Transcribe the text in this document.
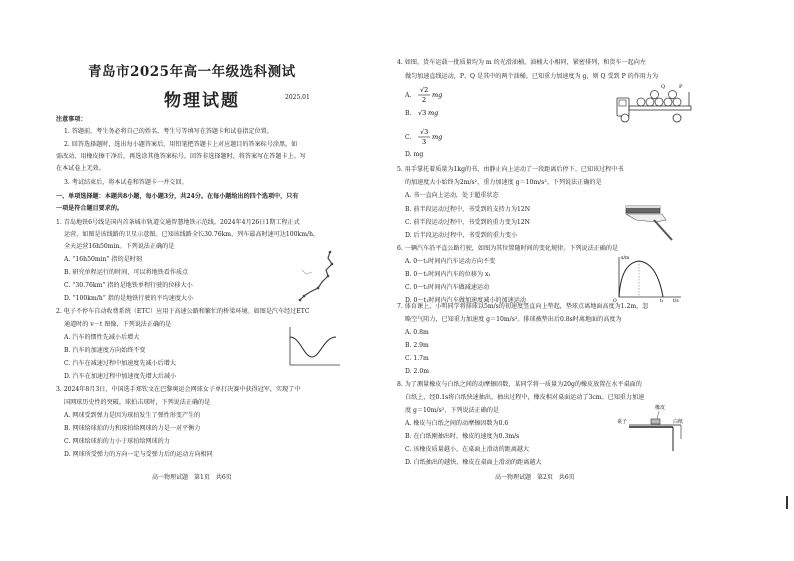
青岛市2025年高一年级选科测试
物理试题	2025.01
注意事项：
1. 答题前，考生务必将自己的姓名、考生号等填写在答题卡和试卷指定位置。
2. 回答选择题时，选出每小题答案后，用铅笔把答题卡上对应题目的答案标号涂黑。如
需改动，用橡皮擦干净后，再选涂其他答案标号。回答非选择题时，将答案写在答题卡上。写
在本试卷上无效。
3. 考试结束后，将本试卷和答题卡一并交回。
一、单项选择题：本题共8小题，每小题3分，共24分。在每小题给出的四个选项中，只有
一项是符合题目要求的。
1. 青岛地铁6号线是国内首条城市轨道交通智慧地铁示范线。2024年4月26日1期工程正式
运营，如图是该线路的卫星示意图。已知该线路全长30.76km，列车最高时速可达100km/h，
全天运营16h50min。下列说法正确的是
A. “16h50min” 指的是时刻
B. 研究单程运行的时间，可以将地铁看作质点
C. “30.76km” 指的是地铁单程行驶的位移大小
D. “100km/h” 指的是地铁行驶的平均速度大小
2. 电子不停车自动收费系统（ETC）应用于高速公路和繁忙的桥梁环境。如图是汽车经过ETC
通道时的 v－t 图像，下列说法正确的是
A. 汽车的惯性先减小后增大
B. 汽车的加速度方向始终不变
C. 汽车在减速过程中加速度先减小后增大
D. 汽车在加速过程中加速度先增大后减小
3. 2024年8月3日，中国选手郑钦文在巴黎奥运会网球女子单打决赛中获得冠军，实现了中
国网球历史性的突破。球拍击球时，下列说法正确的是
A. 网球受到弹力是因为球拍发生了弹性形变产生的
B. 网球给球拍的力和球拍给网球的力是一对平衡力
C. 网球给球拍的力小于球拍给网球的力
D. 网球所受弹力的方向一定与受弹力后的运动方向相同
高一物理试题　第1页　共6页
4. 如图，货车运载一批质量均为 m 的光滑油桶，油桶大小相同，紧密排列，和货车一起向左
做匀加速直线运动，P、Q 是其中的两个油桶。已知重力加速度为 g，则 Q 受到 P 的作用力为
A.
√2
2
mg
B. √3 mg
C.
√3
3
mg
D. mg
Q	P
5. 用手掌托着质量为1kg的书，由静止向上运动了一段距离后停下。已知该过程中书
的加速度大小始终为2m/s²，重力加速度 g＝10m/s²。下列说法正确的是
A. 书一直向上运动，处于超重状态
B. 前半段运动过程中，书受到的支持力为12N
C. 前半段运动过程中，书受到的重力变为12N
D. 后半段运动过程中，书受到的重力变小
6. 一辆汽车沿平直公路行驶，如图为其位置随时间的变化规律。下列说法正确的是
A. 0～t₁时间内汽车运动方向不变
B. 0～t₁时间内汽车的位移为 x₁
C. 0～t₁时间内汽车做减速运动
D. 0～t₁时间内汽车做加速度减小的加速运动
x/m
O	t₁ t/s
7. 体育课上，小明同学将排球以5m/s的初速度竖直向上垫起，垫球点离地面高度为1.2m，忽
略空气阻力，已知重力加速度 g＝10m/s²。排球被垫出后0.8s时离地面的高度为
A. 0.8m
B. 2.9m
C. 1.7m
D. 2.0m
8. 为了测量橡皮与白纸之间的动摩擦因数，某同学将一质量为20g的橡皮放置在水平桌面的
白纸上，经0.1s将白纸快速抽出，抽出过程中，橡皮相对桌面运动了3cm。已知重力加速
度 g＝10m/s²，下列说法正确的是
A. 橡皮与白纸之间的动摩擦因数为0.6
B. 在白纸刚抽出时，橡皮的速度为0.3m/s
C. 该橡皮质量越小，在桌面上滑动的距离越大
D. 白纸抽出的越快，橡皮在桌面上滑动的距离越大
橡皮
桌子	白纸
高一物理试题　第2页　共6页
